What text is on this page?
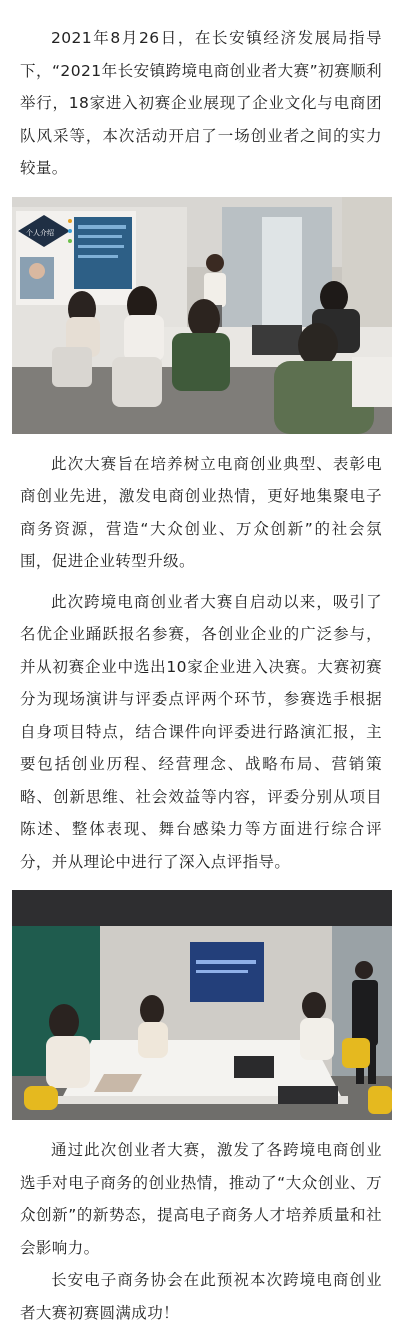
2021年8月26日，在长安镇经济发展局指导下，“2021年长安镇跨境电商创业者大赛”初赛顺利举行，18家进入初赛企业展现了企业文化与电商团队风采等，本次活动开启了一场创业者之间的实力较量。

个人介绍

此次大赛旨在培养树立电商创业典型、表彰电商创业先进，激发电商创业热情，更好地集聚电子商务资源，营造“大众创业、万众创新”的社会氛围，促进企业转型升级。

此次跨境电商创业者大赛自启动以来，吸引了名优企业踊跃报名参赛，各创业企业的广泛参与，并从初赛企业中选出10家企业进入决赛。大赛初赛分为现场演讲与评委点评两个环节，参赛选手根据自身项目特点，结合课件向评委进行路演汇报，主要包括创业历程、经营理念、战略布局、营销策略、创新思维、社会效益等内容，评委分别从项目陈述、整体表现、舞台感染力等方面进行综合评分，并从理论中进行了深入点评指导。

通过此次创业者大赛，激发了各跨境电商创业选手对电子商务的创业热情，推动了“大众创业、万众创新”的新势态，提高电子商务人才培养质量和社会影响力。

长安电子商务协会在此预祝本次跨境电商创业者大赛初赛圆满成功！
